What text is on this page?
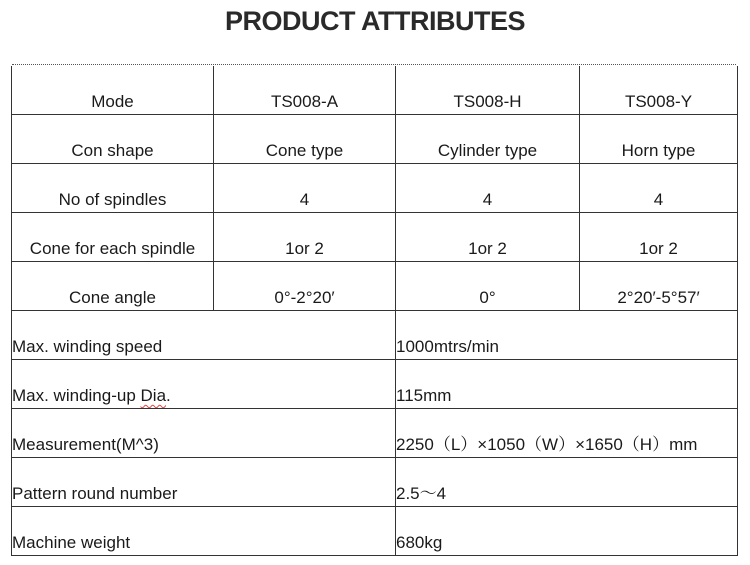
PRODUCT ATTRIBUTES
Mode	TS008-A	TS008-H	TS008-Y
Con shape	Cone type	Cylinder type	Horn type
No of spindles	4	4	4
Cone for each spindle	1or 2	1or 2	1or 2
Cone angle	0°-2°20′	0°	2°20′-5°57′
Max. winding speed		1000mtrs/min	
Max. winding-up Dia.		115mm	
Measurement(M^3)		2250（L）×1050（W）×1650（H）mm	
Pattern round number		2.5～4	
Machine weight		680kg	
